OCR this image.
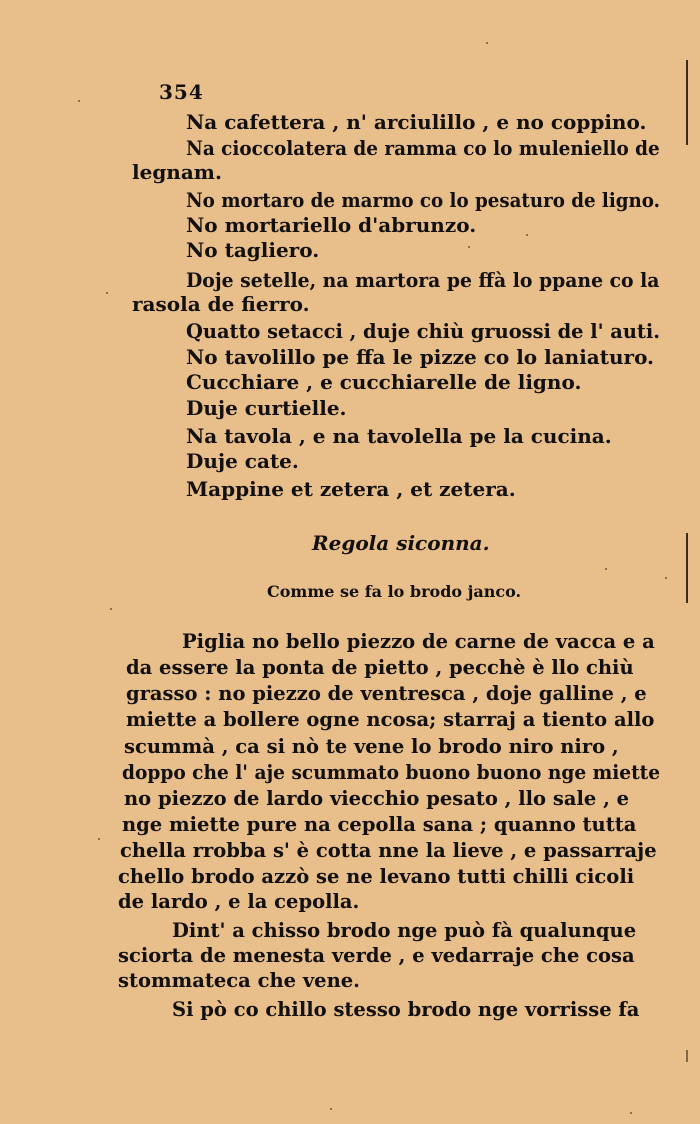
354
Na cafettera , n' arciulillo , e no coppino.
Na cioccolatera de ramma co lo muleniello de
legnam.
No mortaro de marmo co lo pesaturo de ligno.
No mortariello d'abrunzo.
No tagliero.
Doje setelle, na martora pe ffà lo ppane co la
rasola de fierro.
Quatto setacci , duje chiù gruossi de l' auti.
No tavolillo pe ffa le pizze co lo laniaturo.
Cucchiare , e cucchiarelle de ligno.
Duje curtielle.
Na tavola , e na tavolella pe la cucina.
Duje cate.
Mappine et zetera , et zetera.
Regola siconna.
Comme se fa lo brodo janco.
Piglia no bello piezzo de carne de vacca e a
da essere la ponta de pietto , pecchè è llo chiù
grasso : no piezzo de ventresca , doje galline , e
miette a bollere ogne ncosa; starraj a tiento allo
scummà , ca si nò te vene lo brodo niro niro ,
doppo che l' aje scummato buono buono nge miette
no piezzo de lardo viecchio pesato , llo sale , e
nge miette pure na cepolla sana ; quanno tutta
chella rrobba s' è cotta nne la lieve , e passarraje
chello brodo azzò se ne levano tutti chilli cicoli
de lardo , e la cepolla.
Dint' a chisso brodo nge può fà qualunque
sciorta de menesta verde , e vedarraje che cosa
stommateca che vene.
Si pò co chillo stesso brodo nge vorrisse fa
